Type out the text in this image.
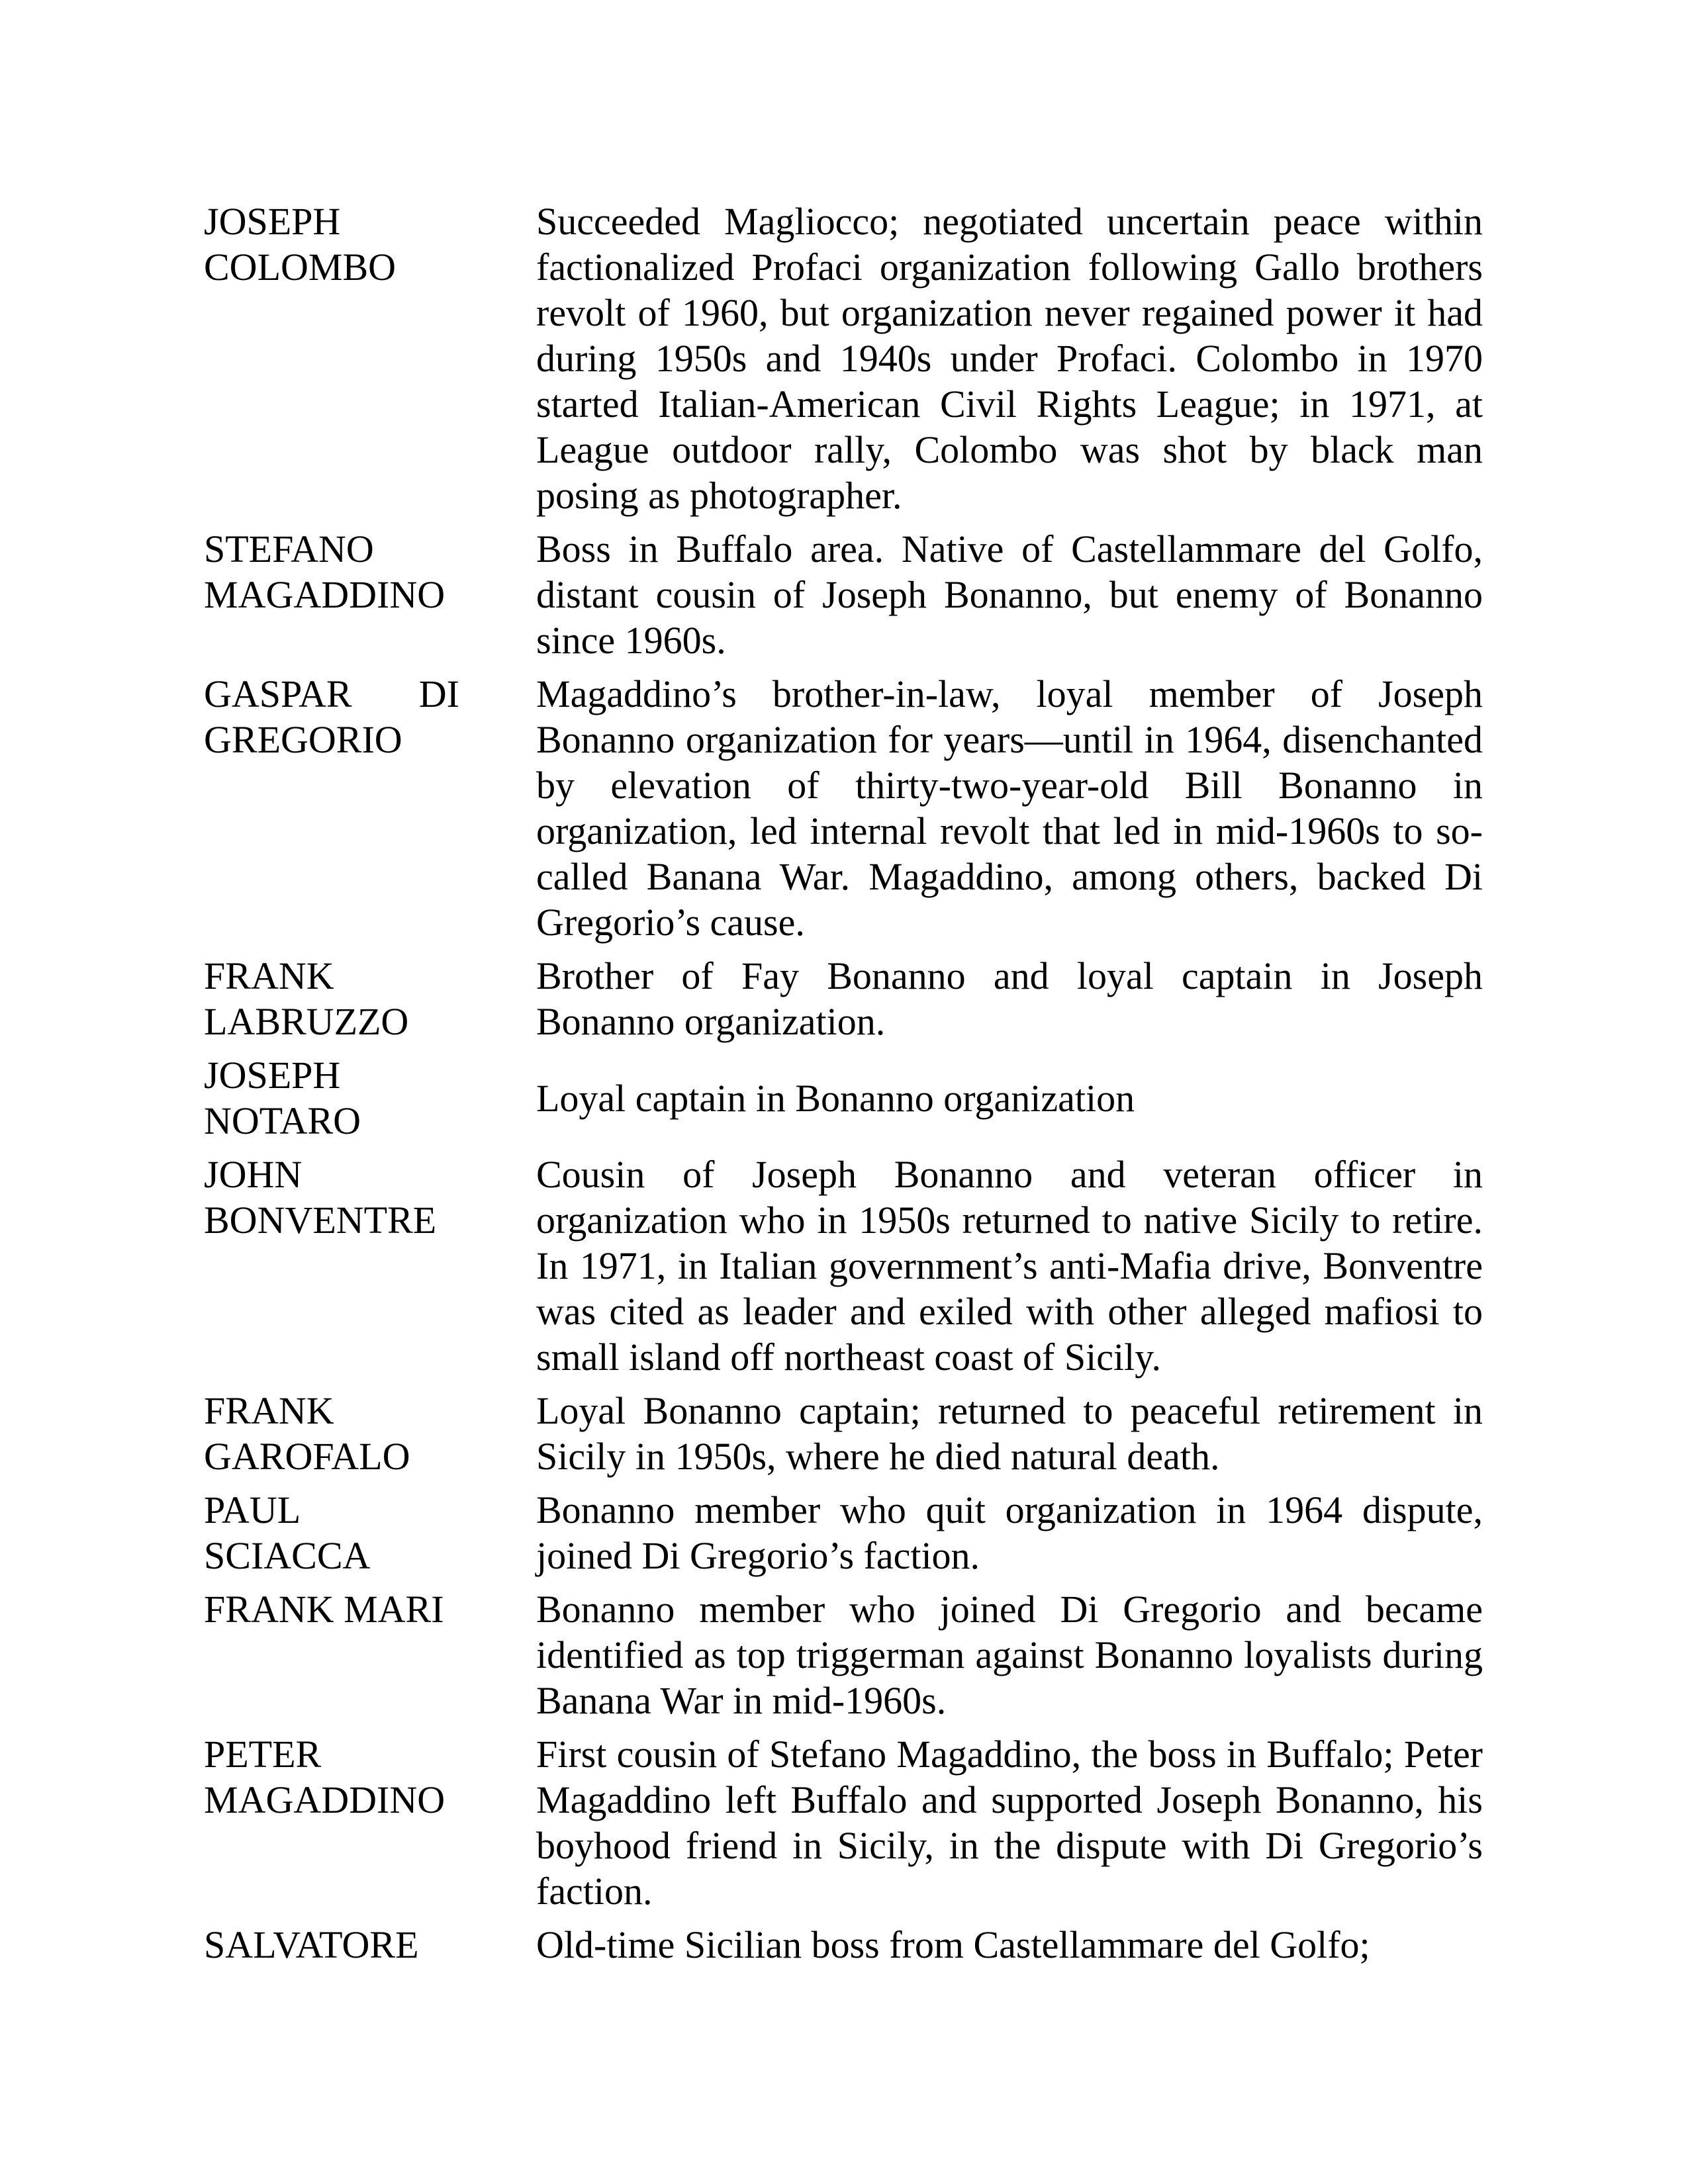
JOSEPH COLOMBO
Succeeded Magliocco; negotiated uncertain peace within factionalized Profaci organization following Gallo brothers revolt of 1960, but organization never regained power it had during 1950s and 1940s under Profaci. Colombo in 1970 started Italian-American Civil Rights League; in 1971, at League outdoor rally, Colombo was shot by black man posing as photographer.
STEFANO MAGADDINO
Boss in Buffalo area. Native of Castellammare del Golfo, distant cousin of Joseph Bonanno, but enemy of Bonanno since 1960s.
GASPAR DI GREGORIO
Magaddino’s brother-in-law, loyal member of Joseph Bonanno organization for years—until in 1964, disenchanted by elevation of thirty-two-year-old Bill Bonanno in organization, led internal revolt that led in mid-1960s to so-called Banana War. Magaddino, among others, backed Di Gregorio’s cause.
FRANK LABRUZZO
Brother of Fay Bonanno and loyal captain in Joseph Bonanno organization.
JOSEPH NOTARO
Loyal captain in Bonanno organization
JOHN BONVENTRE
Cousin of Joseph Bonanno and veteran officer in organization who in 1950s returned to native Sicily to retire. In 1971, in Italian government’s anti-Mafia drive, Bonventre was cited as leader and exiled with other alleged mafiosi to small island off northeast coast of Sicily.
FRANK GAROFALO
Loyal Bonanno captain; returned to peaceful retirement in Sicily in 1950s, where he died natural death.
PAUL SCIACCA
Bonanno member who quit organization in 1964 dispute, joined Di Gregorio’s faction.
FRANK MARI	Bonanno member who joined Di Gregorio and became identified as top triggerman against Bonanno loyalists during Banana War in mid-1960s.
PETER MAGADDINO
First cousin of Stefano Magaddino, the boss in Buffalo; Peter Magaddino left Buffalo and supported Joseph Bonanno, his boyhood friend in Sicily, in the dispute with Di Gregorio’s faction.
SALVATORE	Old-time Sicilian boss from Castellammare del Golfo;
